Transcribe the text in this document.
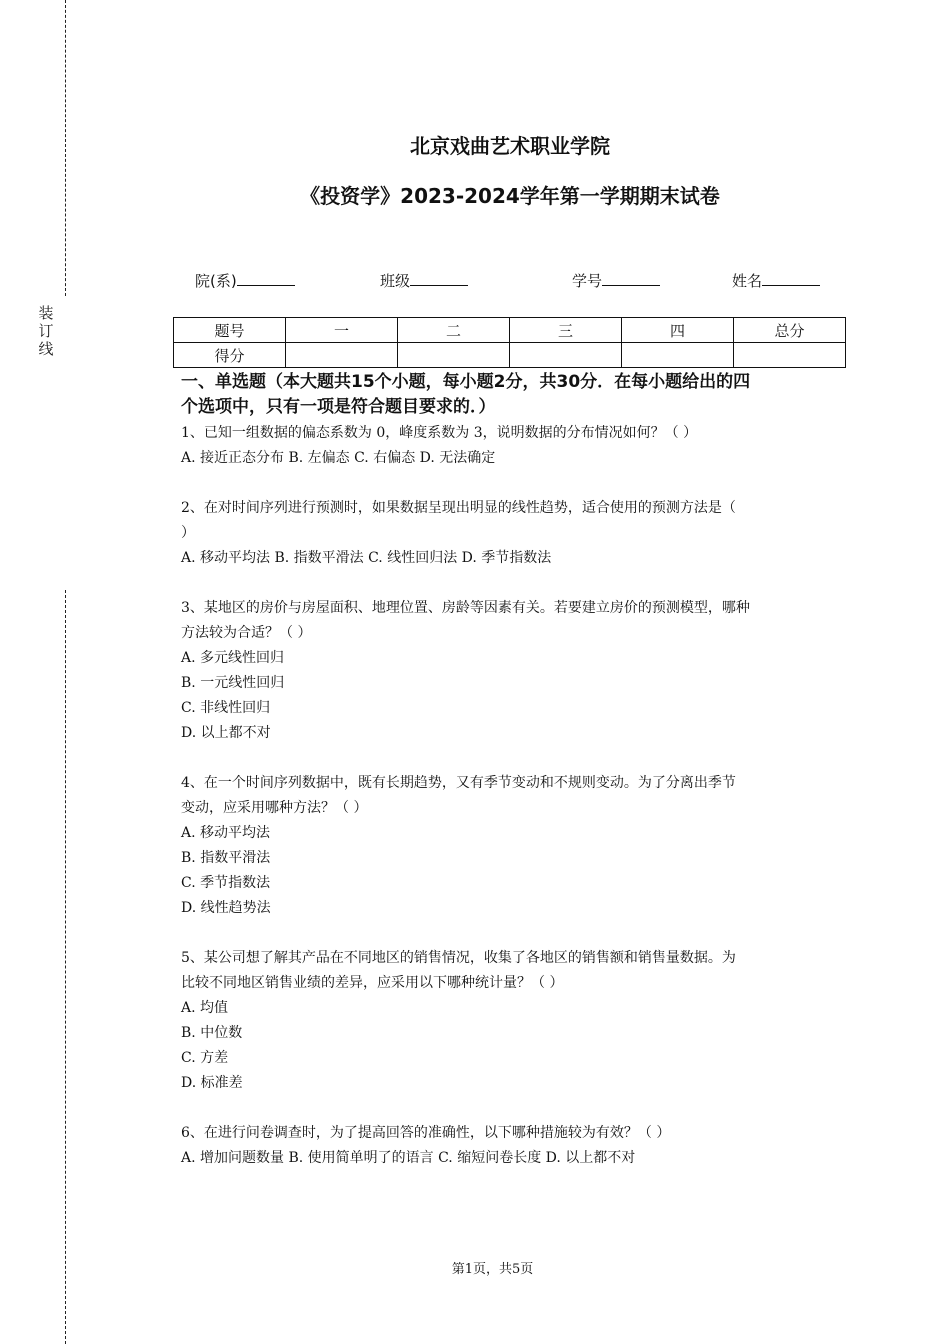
装
订
线
北京戏曲艺术职业学院
《投资学》2023-2024学年第一学期期末试卷
院(系)	班级	学号	姓名
题号	一	二	三	四	总分
得分					
一、单选题（本大题共15个小题，每小题2分，共30分．在每小题给出的四
个选项中，只有一项是符合题目要求的．）
1、已知一组数据的偏态系数为 0，峰度系数为 3，说明数据的分布情况如何？（ ）
A. 接近正态分布 B. 左偏态 C. 右偏态 D. 无法确定
2、在对时间序列进行预测时，如果数据呈现出明显的线性趋势，适合使用的预测方法是（
）
A. 移动平均法 B. 指数平滑法 C. 线性回归法 D. 季节指数法
3、某地区的房价与房屋面积、地理位置、房龄等因素有关。若要建立房价的预测模型，哪种
方法较为合适？（ ）
A. 多元线性回归
B. 一元线性回归
C. 非线性回归
D. 以上都不对
4、在一个时间序列数据中，既有长期趋势，又有季节变动和不规则变动。为了分离出季节
变动，应采用哪种方法？（ ）
A. 移动平均法
B. 指数平滑法
C. 季节指数法
D. 线性趋势法
5、某公司想了解其产品在不同地区的销售情况，收集了各地区的销售额和销售量数据。为
比较不同地区销售业绩的差异，应采用以下哪种统计量？（ ）
A. 均值
B. 中位数
C. 方差
D. 标准差
6、在进行问卷调查时，为了提高回答的准确性，以下哪种措施较为有效？（ ）
A. 增加问题数量 B. 使用简单明了的语言 C. 缩短问卷长度 D. 以上都不对
第1页，共5页
